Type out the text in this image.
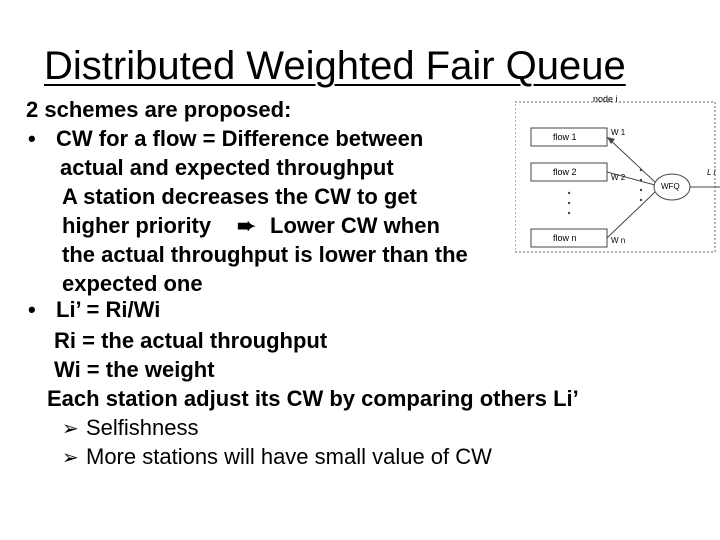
Distributed Weighted Fair Queue
2 schemes are proposed:
• CW for a flow = Difference between
actual and expected throughput
A station decreases the CW to get
higher priority ➨ Lower CW when
the actual throughput is lower than the
expected one
• Li’ = Ri/Wi
Ri = the actual throughput
Wi = the weight
Each station adjust its CW by comparing others Li’
➢ Selfishness
➢ More stations will have small value of CW
node i
flow 1
flow 2
flow n
W 1
W 2
W n
WFQ
L i
